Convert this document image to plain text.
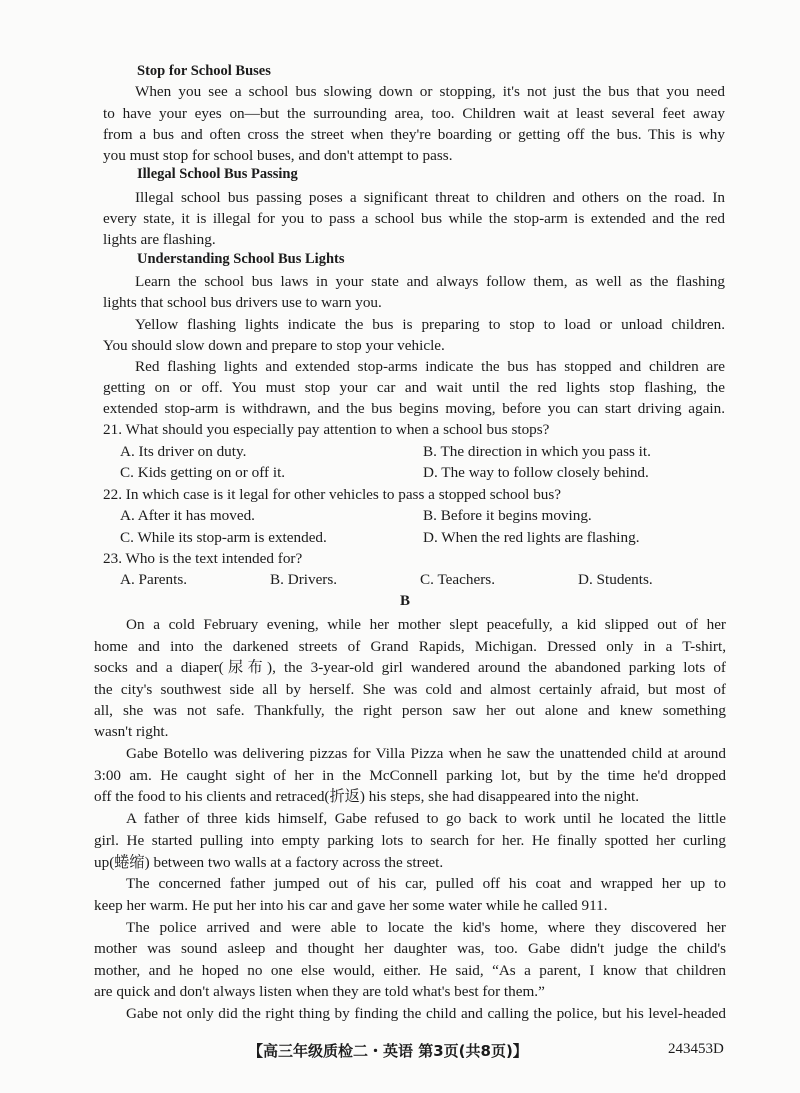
Stop for School Buses
When you see a school bus slowing down or stopping, it's not just the bus that you need
to have your eyes on—but the surrounding area, too. Children wait at least several feet away
from a bus and often cross the street when they're boarding or getting off the bus. This is why
you must stop for school buses, and don't attempt to pass.
Illegal School Bus Passing
Illegal school bus passing poses a significant threat to children and others on the road. In
every state, it is illegal for you to pass a school bus while the stop-arm is extended and the red
lights are flashing.
Understanding School Bus Lights
Learn the school bus laws in your state and always follow them, as well as the flashing
lights that school bus drivers use to warn you.
Yellow flashing lights indicate the bus is preparing to stop to load or unload children.
You should slow down and prepare to stop your vehicle.
Red flashing lights and extended stop-arms indicate the bus has stopped and children are
getting on or off. You must stop your car and wait until the red lights stop flashing, the
extended stop-arm is withdrawn, and the bus begins moving, before you can start driving again.
21. What should you especially pay attention to when a school bus stops?
A. Its driver on duty.	B. The direction in which you pass it.
C. Kids getting on or off it.	D. The way to follow closely behind.
22. In which case is it legal for other vehicles to pass a stopped school bus?
A. After it has moved.	B. Before it begins moving.
C. While its stop-arm is extended.	D. When the red lights are flashing.
23. Who is the text intended for?
A. Parents.	B. Drivers.	C. Teachers.	D. Students.
B
On a cold February evening, while her mother slept peacefully, a kid slipped out of her
home and into the darkened streets of Grand Rapids, Michigan. Dressed only in a T-shirt,
socks and a diaper(尿布), the 3-year-old girl wandered around the abandoned parking lots of
the city's southwest side all by herself. She was cold and almost certainly afraid, but most of
all, she was not safe. Thankfully, the right person saw her out alone and knew something
wasn't right.
Gabe Botello was delivering pizzas for Villa Pizza when he saw the unattended child at around
3:00 am. He caught sight of her in the McConnell parking lot, but by the time he'd dropped
off the food to his clients and retraced(折返) his steps, she had disappeared into the night.
A father of three kids himself, Gabe refused to go back to work until he located the little
girl. He started pulling into empty parking lots to search for her. He finally spotted her curling
up(蜷缩) between two walls at a factory across the street.
The concerned father jumped out of his car, pulled off his coat and wrapped her up to
keep her warm. He put her into his car and gave her some water while he called 911.
The police arrived and were able to locate the kid's home, where they discovered her
mother was sound asleep and thought her daughter was, too. Gabe didn't judge the child's
mother, and he hoped no one else would, either. He said, “As a parent, I know that children
are quick and don't always listen when they are told what's best for them.”
Gabe not only did the right thing by finding the child and calling the police, but his level-headed
【高三年级质检二・英语 第3页(共8页)】	243453D
